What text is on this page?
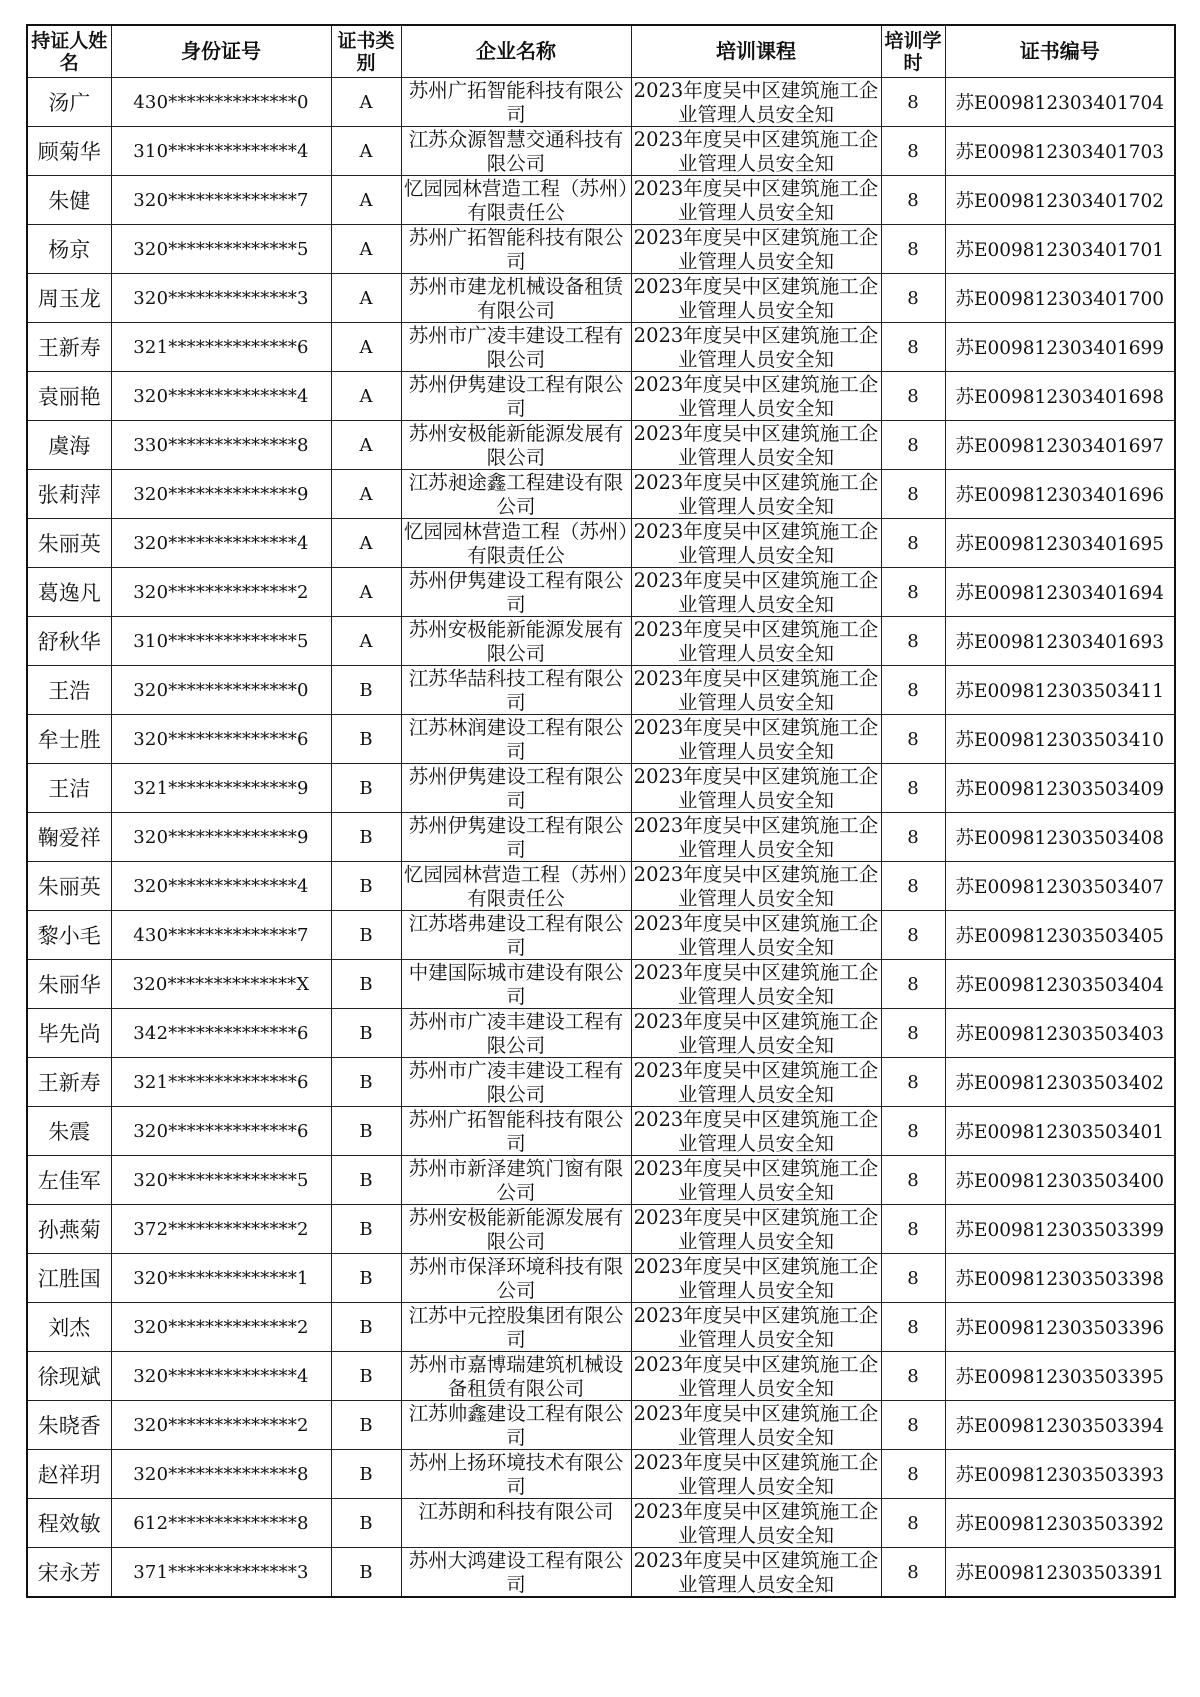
持证人姓名	身份证号	证书类别	企业名称	培训课程	培训学时	证书编号
汤广	430**************0	A	苏州广拓智能科技有限公司	2023年度吴中区建筑施工企业管理人员安全知	8	苏E009812303401704
顾菊华	310**************4	A	江苏众源智慧交通科技有限公司	2023年度吴中区建筑施工企业管理人员安全知	8	苏E009812303401703
朱健	320**************7	A	忆园园林营造工程（苏州）有限责任公	2023年度吴中区建筑施工企业管理人员安全知	8	苏E009812303401702
杨京	320**************5	A	苏州广拓智能科技有限公司	2023年度吴中区建筑施工企业管理人员安全知	8	苏E009812303401701
周玉龙	320**************3	A	苏州市建龙机械设备租赁有限公司	2023年度吴中区建筑施工企业管理人员安全知	8	苏E009812303401700
王新寿	321**************6	A	苏州市广凌丰建设工程有限公司	2023年度吴中区建筑施工企业管理人员安全知	8	苏E009812303401699
袁丽艳	320**************4	A	苏州伊隽建设工程有限公司	2023年度吴中区建筑施工企业管理人员安全知	8	苏E009812303401698
虞海	330**************8	A	苏州安极能新能源发展有限公司	2023年度吴中区建筑施工企业管理人员安全知	8	苏E009812303401697
张莉萍	320**************9	A	江苏昶途鑫工程建设有限公司	2023年度吴中区建筑施工企业管理人员安全知	8	苏E009812303401696
朱丽英	320**************4	A	忆园园林营造工程（苏州）有限责任公	2023年度吴中区建筑施工企业管理人员安全知	8	苏E009812303401695
葛逸凡	320**************2	A	苏州伊隽建设工程有限公司	2023年度吴中区建筑施工企业管理人员安全知	8	苏E009812303401694
舒秋华	310**************5	A	苏州安极能新能源发展有限公司	2023年度吴中区建筑施工企业管理人员安全知	8	苏E009812303401693
王浩	320**************0	B	江苏华喆科技工程有限公司	2023年度吴中区建筑施工企业管理人员安全知	8	苏E009812303503411
牟士胜	320**************6	B	江苏林润建设工程有限公司	2023年度吴中区建筑施工企业管理人员安全知	8	苏E009812303503410
王洁	321**************9	B	苏州伊隽建设工程有限公司	2023年度吴中区建筑施工企业管理人员安全知	8	苏E009812303503409
鞠爱祥	320**************9	B	苏州伊隽建设工程有限公司	2023年度吴中区建筑施工企业管理人员安全知	8	苏E009812303503408
朱丽英	320**************4	B	忆园园林营造工程（苏州）有限责任公	2023年度吴中区建筑施工企业管理人员安全知	8	苏E009812303503407
黎小毛	430**************7	B	江苏塔弗建设工程有限公司	2023年度吴中区建筑施工企业管理人员安全知	8	苏E009812303503405
朱丽华	320**************X	B	中建国际城市建设有限公司	2023年度吴中区建筑施工企业管理人员安全知	8	苏E009812303503404
毕先尚	342**************6	B	苏州市广凌丰建设工程有限公司	2023年度吴中区建筑施工企业管理人员安全知	8	苏E009812303503403
王新寿	321**************6	B	苏州市广凌丰建设工程有限公司	2023年度吴中区建筑施工企业管理人员安全知	8	苏E009812303503402
朱震	320**************6	B	苏州广拓智能科技有限公司	2023年度吴中区建筑施工企业管理人员安全知	8	苏E009812303503401
左佳军	320**************5	B	苏州市新泽建筑门窗有限公司	2023年度吴中区建筑施工企业管理人员安全知	8	苏E009812303503400
孙燕菊	372**************2	B	苏州安极能新能源发展有限公司	2023年度吴中区建筑施工企业管理人员安全知	8	苏E009812303503399
江胜国	320**************1	B	苏州市保泽环境科技有限公司	2023年度吴中区建筑施工企业管理人员安全知	8	苏E009812303503398
刘杰	320**************2	B	江苏中元控股集团有限公司	2023年度吴中区建筑施工企业管理人员安全知	8	苏E009812303503396
徐现斌	320**************4	B	苏州市嘉博瑞建筑机械设备租赁有限公司	2023年度吴中区建筑施工企业管理人员安全知	8	苏E009812303503395
朱晓香	320**************2	B	江苏帅鑫建设工程有限公司	2023年度吴中区建筑施工企业管理人员安全知	8	苏E009812303503394
赵祥玥	320**************8	B	苏州上扬环境技术有限公司	2023年度吴中区建筑施工企业管理人员安全知	8	苏E009812303503393
程效敏	612**************8	B	江苏朗和科技有限公司	2023年度吴中区建筑施工企业管理人员安全知	8	苏E009812303503392
宋永芳	371**************3	B	苏州大鸿建设工程有限公司	2023年度吴中区建筑施工企业管理人员安全知	8	苏E009812303503391
